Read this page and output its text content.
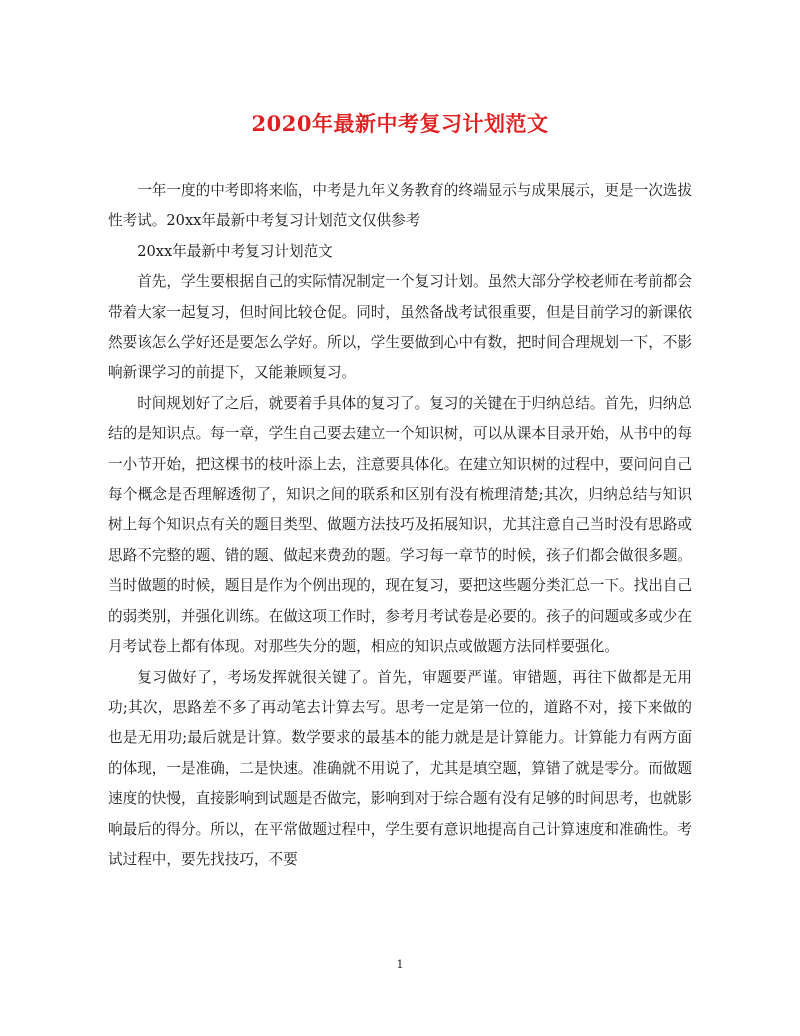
2020年最新中考复习计划范文

一年一度的中考即将来临，中考是九年义务教育的终端显示与成果展示，更是一次选拔性考试。20xx年最新中考复习计划范文仅供参考

20xx年最新中考复习计划范文

首先，学生要根据自己的实际情况制定一个复习计划。虽然大部分学校老师在考前都会带着大家一起复习，但时间比较仓促。同时，虽然备战考试很重要，但是目前学习的新课依然要该怎么学好还是要怎么学好。所以，学生要做到心中有数，把时间合理规划一下，不影响新课学习的前提下，又能兼顾复习。

时间规划好了之后，就要着手具体的复习了。复习的关键在于归纳总结。首先，归纳总结的是知识点。每一章，学生自己要去建立一个知识树，可以从课本目录开始，从书中的每一小节开始，把这棵书的枝叶添上去，注意要具体化。在建立知识树的过程中，要问问自己每个概念是否理解透彻了，知识之间的联系和区别有没有梳理清楚;其次，归纳总结与知识树上每个知识点有关的题目类型、做题方法技巧及拓展知识，尤其注意自己当时没有思路或思路不完整的题、错的题、做起来费劲的题。学习每一章节的时候，孩子们都会做很多题。当时做题的时候，题目是作为个例出现的，现在复习，要把这些题分类汇总一下。找出自己的弱类别，并强化训练。在做这项工作时，参考月考试卷是必要的。孩子的问题或多或少在月考试卷上都有体现。对那些失分的题，相应的知识点或做题方法同样要强化。

复习做好了，考场发挥就很关键了。首先，审题要严谨。审错题，再往下做都是无用功;其次，思路差不多了再动笔去计算去写。思考一定是第一位的，道路不对，接下来做的也是无用功;最后就是计算。数学要求的最基本的能力就是是计算能力。计算能力有两方面的体现，一是准确，二是快速。准确就不用说了，尤其是填空题，算错了就是零分。而做题速度的快慢，直接影响到试题是否做完，影响到对于综合题有没有足够的时间思考，也就影响最后的得分。所以，在平常做题过程中，学生要有意识地提高自己计算速度和准确性。考试过程中，要先找技巧，不要

1
